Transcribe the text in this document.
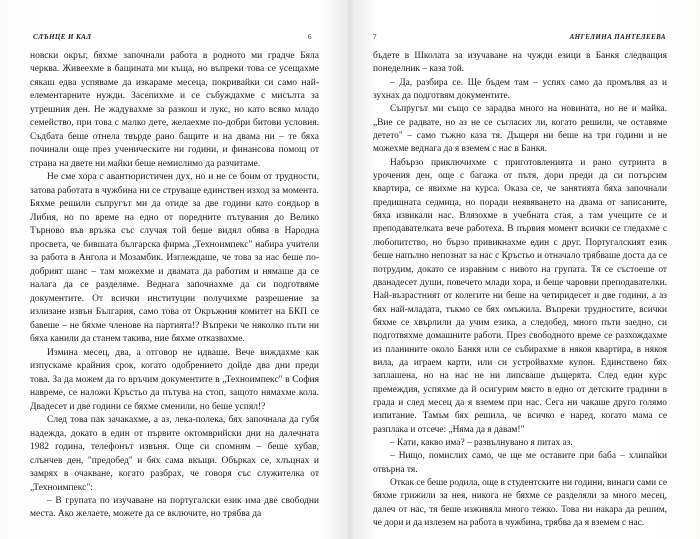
СЛЪНЦЕ И КАЛ	6

новски окръг, бяхме започнали работа в родното ми градче Бяла черква. Живеехме в бащината ми къща, но въпреки това се усещахме сякаш едва успяваме да изкараме месеца, покривайки си само най-елементарните нужди. Засепихме и се събуждахме с мисълта за утрешния ден. Не жадувахме за разкош и лукс, но като всяко младо семейство, при това с малко дете, желаехме по-добри битови условия. Съдбата беше отнела твърде рано бащите и на двама ни – те бяха починали още през ученическите ни години, и финансова помощ от страна на двете ни майки беше немислимо да разчитаме.

Не сме хора с авантюристичен дух, но и не се боим от трудности, затова работата в чужбина ни се струваше единствен изход за момента. Бяхме решили съпругът ми да отиде за две години като сондьор в Либия, но по време на едно от поредните пътувания до Велико Търново във връзка със случая той беше видял обява в Народна просвета, че бившата българска фирма „Техноимпекс" набира учители за работа в Ангола и Мозамбик. Изглеждаше, че това за нас беше по-добрият шанс – там можехме и двамата да работим и нямаше да се налага да се разделяме. Веднага започнахме да си подготвяме документите. От всички институции получихме разрешение за излизане извън България, само това от Окръжния комитет на БКП се бавеше – не бяхме членове на партията!? Въпреки че няколко пъти ни бяха канили да станем такива, ние бяхме отказвахме.

Измина месец, два, а отговор не идваше. Вече виждахме как изпускаме крайния срок, когато одобрението дойде два дни преди това. За да можем да го връчим документите в „Техноимпекс" в София навреме, се наложи Кръстьо да пътува на стоп, защото нямахме кола. Двадесет и две години се бяхме сменили, но беше успял!?

След това пак зачакахме, а аз, лека-полека, бях започнала да губя надежда, докато в един от първите октомврийски дни на далечната 1982 година, телефонът извъня. Още си спомням – беше хубав, слънчев ден, "предобед" и бях сама вкъщи. Обърках се, хлъцнах и замрях в очакване, когато разбрах, че говоря със служителка от „Техноимпекс":

– В групата по изучаване на португалски език има две свободни места. Ако желаете, можете да се включите, но трябва да

7	АНГЕЛИНА ПАНТЕЛЕЕВА

бъдете в Школата за изучаване на чужди езици в Банкя следващия понеделник – каза той.

– Да, разбира се. Ще бъдем там – успях само да промълвя аз и зухнах да подготвям документите.

Съпругът ми също се зарадва много на новината, но не и майка. „Вие се радвате, но аз не се съгласих ли, когато решили, че оставяме детето" – само тъжно каза тя. Дъщеря ни беше на три години и не можехме веднага да я вземем с нас в Банкя.

Набързо приключихме с приготовленията и рано сутринта в урочения ден, още с багажа от пътя, дори преди да си потърсим квартира, се явихме на курса. Оказа се, че занятията бяха започнали предишната седмица, но поради неявяването на двама от записаните, бяха извикали нас. Влязохме в учебната стая, а там учещите се и преподавателката вече работеха. В първия момент всички се гледахме с любопитство, но бързо привикнахме един с друг. Португалският език беше напълно непознат за нас с Кръстьо и отначало трябваше доста да се потрудим, докато се изравним с нивото на групата. Тя се състоеше от дванадесет души, повечето млади хора, и беше чаровни преподавателки. Най-възрастният от колегите ни беше на четиридесет и две години, а аз бях най-младата, тъкмо се бях омъжила. Въпреки трудностите, всички бяхме се хвърлили да учим езика, а следобед, много пъти заедно, си подготвяхме домашните работи. През свободното време се разхождахме из планините около Банкя или се събирахме в някоя квартира, в някоя вила, да играем карти, или си устройвахме купон. Единствено бях заплашена, но на нас не ни липсваше дъщерята. След един курс премеждия, успяхме да й осигурим място в едно от детските градини в града и след месец да я вземем при нас. Сега ни чакаше друго голямо изпитание. Тамъм бях решила, че всичко е наред, когато мама се разплака и отсече: „Няма да я давам!"

– Кати, какво има? – развълнувано я питах аз.

– Нищо, помислих само, че ще ме оставите при баба – хлипайки отвърна тя.

Откак се беше родила, още в студентските ни години, винаги сами се бяхме грижили за нея, никога не бяхме се разделяли за много месец, далеч от нас, тя беше изживяла много тежко. Това ни накара да решим, че дори и да излезем на работа в чужбина, трябва да я вземем с нас.
